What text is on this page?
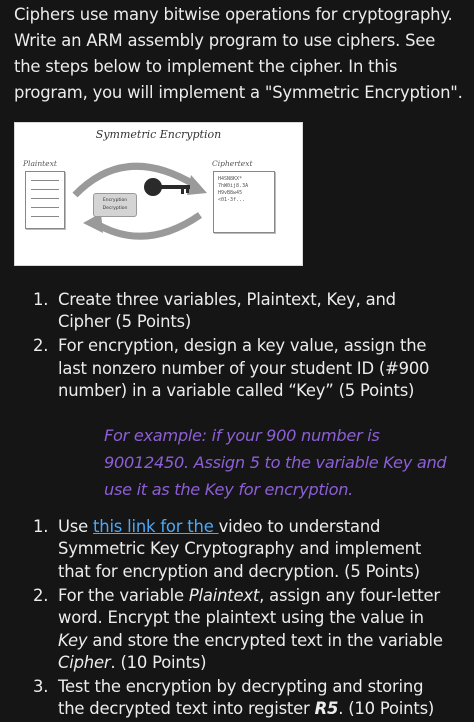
Ciphers use many bitwise operations for cryptography. Write an ARM assembly program to use ciphers. See the steps below to implement the cipher. In this program, you will implement a "Symmetric Encryption".

Symmetric Encryption
Plaintext	Ciphertext
H4SN8KX*
7hW0ij8.3A
H9vB8w45
<01-3f...
Encryption
Decryption
1. Create three variables, Plaintext, Key, and Cipher (5 Points)
2. For encryption, design a key value, assign the last nonzero number of your student ID (#900 number) in a variable called “Key” (5 Points)
For example: if your 900 number is 90012450. Assign 5 to the variable Key and use it as the Key for encryption.
1. Use this link for the video to understand Symmetric Key Cryptography and implement that for encryption and decryption. (5 Points)
2. For the variable Plaintext, assign any four-letter word. Encrypt the plaintext using the value in Key and store the encrypted text in the variable Cipher. (10 Points)
3. Test the encryption by decrypting and storing the decrypted text into register R5. (10 Points)
